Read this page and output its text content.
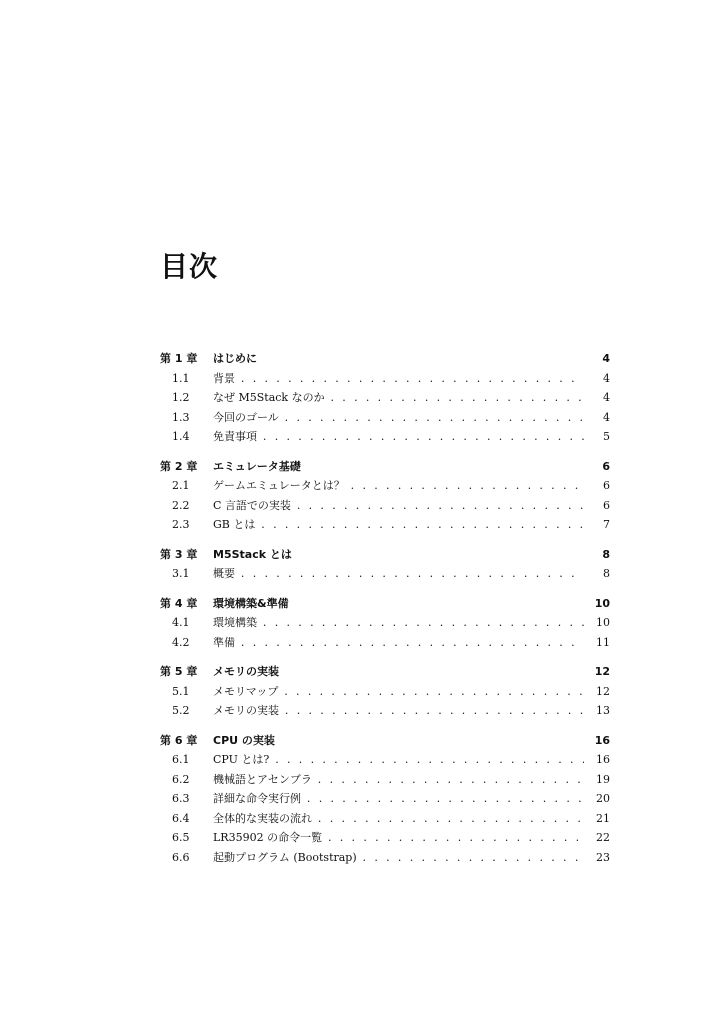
目次
第 1 章 はじめに	4
1.1 背景 . . .	4
1.2 なぜ M5Stack なのか . . .	4
1.3 今回のゴール . . .	4
1.4 免責事項 . . .	5
第 2 章 エミュレータ基礎	6
2.1 ゲームエミュレータとは？ . . .	6
2.2 C 言語での実装 . . .	6
2.3 GB とは . . .	7
第 3 章 M5Stack とは	8
3.1 概要 . . .	8
第 4 章 環境構築&準備	10
4.1 環境構築 . . .	10
4.2 準備 . . .	11
第 5 章 メモリの実装	12
5.1 メモリマップ . . .	12
5.2 メモリの実装 . . .	13
第 6 章 CPU の実装	16
6.1 CPU とは? . . .	16
6.2 機械語とアセンブラ . . .	19
6.3 詳細な命令実行例 . . .	20
6.4 全体的な実装の流れ . . .	21
6.5 LR35902 の命令一覧 . . .	22
6.6 起動プログラム (Bootstrap) . . .	23
